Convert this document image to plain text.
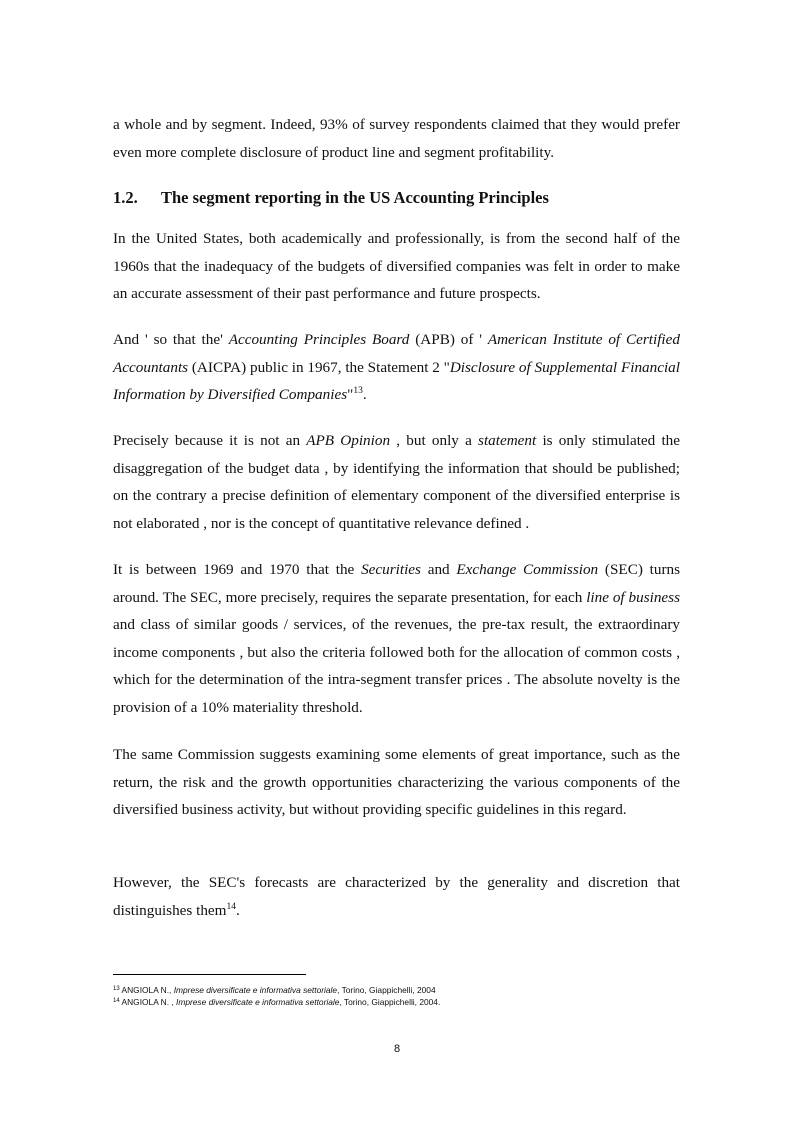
a whole and by segment. Indeed, 93% of survey respondents claimed that they would prefer even more complete disclosure of product line and segment profitability.

1.2. The segment reporting in the US Accounting Principles

In the United States, both academically and professionally, is from the second half of the 1960s that the inadequacy of the budgets of diversified companies was felt in order to make an accurate assessment of their past performance and future prospects.

And ' so that the' Accounting Principles Board (APB) of ' American Institute of Certified Accountants (AICPA) public in 1967, the Statement 2 "Disclosure of Supplemental Financial Information by Diversified Companies"$^{13}$.

Precisely because it is not an APB Opinion , but only a statement is only stimulated the disaggregation of the budget data , by identifying the information that should be published; on the contrary a precise definition of elementary component of the diversified enterprise is not elaborated , nor is the concept of quantitative relevance defined .

It is between 1969 and 1970 that the Securities and Exchange Commission (SEC) turns around. The SEC, more precisely, requires the separate presentation, for each line of business and class of similar goods / services, of the revenues, the pre-tax result, the extraordinary income components , but also the criteria followed both for the allocation of common costs , which for the determination of the intra-segment transfer prices . The absolute novelty is the provision of a 10% materiality threshold.

The same Commission suggests examining some elements of great importance, such as the return, the risk and the growth opportunities characterizing the various components of the diversified business activity, but without providing specific guidelines in this regard.

However, the SEC's forecasts are characterized by the generality and discretion that distinguishes them$^{14}$.

$^{13}$ ANGIOLA N., Imprese diversificate e informativa settoriale, Torino, Giappichelli, 2004

$^{14}$ ANGIOLA N. , Imprese diversificate e informativa settoriale, Torino, Giappichelli, 2004.

8
